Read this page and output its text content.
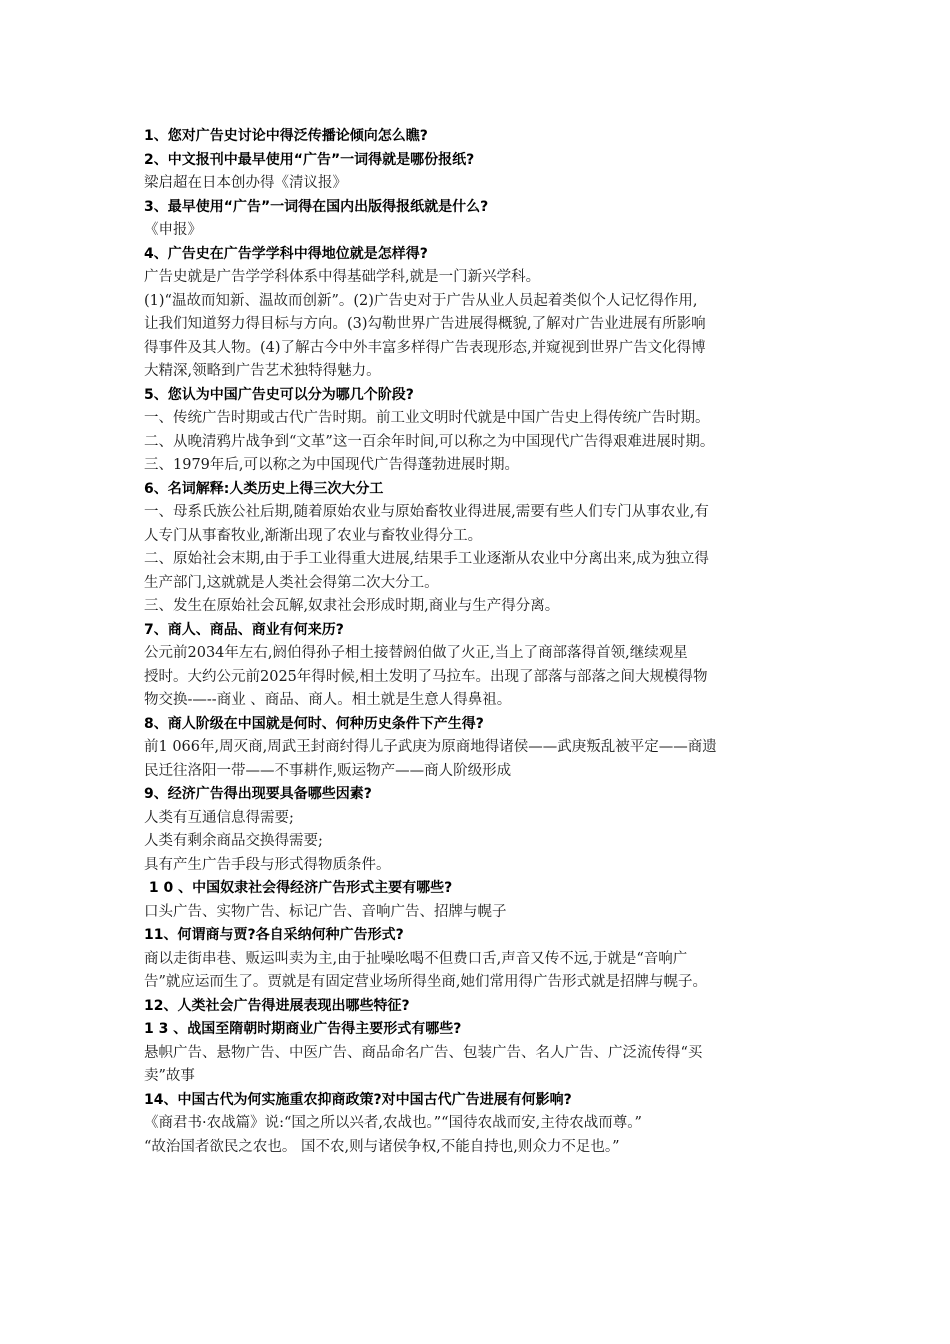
1、您对广告史讨论中得泛传播论倾向怎么瞧?
2、中文报刊中最早使用“广告”一词得就是哪份报纸?
梁启超在日本创办得《清议报》
3、最早使用“广告”一词得在国内出版得报纸就是什么?
《申报》
4、广告史在广告学学科中得地位就是怎样得?
广告史就是广告学学科体系中得基础学科,就是一门新兴学科。
(1)“温故而知新、温故而创新”。(2)广告史对于广告从业人员起着类似个人记忆得作用,
让我们知道努力得目标与方向。(3)勾勒世界广告进展得概貌,了解对广告业进展有所影响
得事件及其人物。(4)了解古今中外丰富多样得广告表现形态,并窥视到世界广告文化得博
大精深,领略到广告艺术独特得魅力。
5、您认为中国广告史可以分为哪几个阶段?
一、传统广告时期或古代广告时期。前工业文明时代就是中国广告史上得传统广告时期。
二、从晚清鸦片战争到“文革”这一百余年时间,可以称之为中国现代广告得艰难进展时期。
三、1979年后,可以称之为中国现代广告得蓬勃进展时期。
6、名词解释:人类历史上得三次大分工
一、母系氏族公社后期,随着原始农业与原始畜牧业得进展,需要有些人们专门从事农业,有
人专门从事畜牧业,渐渐出现了农业与畜牧业得分工。
二、原始社会末期,由于手工业得重大进展,结果手工业逐渐从农业中分离出来,成为独立得
生产部门,这就就是人类社会得第二次大分工。
三、发生在原始社会瓦解,奴隶社会形成时期,商业与生产得分离。
7、商人、商品、商业有何来历?
公元前2034年左右,阏伯得孙子相土接替阏伯做了火正,当上了商部落得首领,继续观星
授时。大约公元前2025年得时候,相土发明了马拉车。出现了部落与部落之间大规模得物
物交换-—--商业 、商品、商人。相土就是生意人得鼻祖。
8、商人阶级在中国就是何时、何种历史条件下产生得?
前1 066年,周灭商,周武王封商纣得儿子武庚为原商地得诸侯——武庚叛乱被平定——商遗
民迁往洛阳一带——不事耕作,贩运物产——商人阶级形成
9、经济广告得出现要具备哪些因素?
人类有互通信息得需要;
人类有剩余商品交换得需要;
具有产生广告手段与形式得物质条件。
1 0 、中国奴隶社会得经济广告形式主要有哪些?
口头广告、实物广告、标记广告、音响广告、招牌与幌子
11、何谓商与贾?各自采纳何种广告形式?
商以走街串巷、贩运叫卖为主,由于扯噪吆喝不但费口舌,声音又传不远,于就是“音响广
告”就应运而生了。贾就是有固定营业场所得坐商,她们常用得广告形式就是招牌与幌子。
12、人类社会广告得进展表现出哪些特征?
1 3 、战国至隋朝时期商业广告得主要形式有哪些?
悬帜广告、悬物广告、中医广告、商品命名广告、包装广告、名人广告、广泛流传得“买
卖”故事
14、中国古代为何实施重农抑商政策?对中国古代广告进展有何影响?
《商君书·农战篇》说:“国之所以兴者,农战也。”“国待农战而安,主待农战而尊。”
“故治国者欲民之农也。 国不农,则与诸侯争权,不能自持也,则众力不足也。”
